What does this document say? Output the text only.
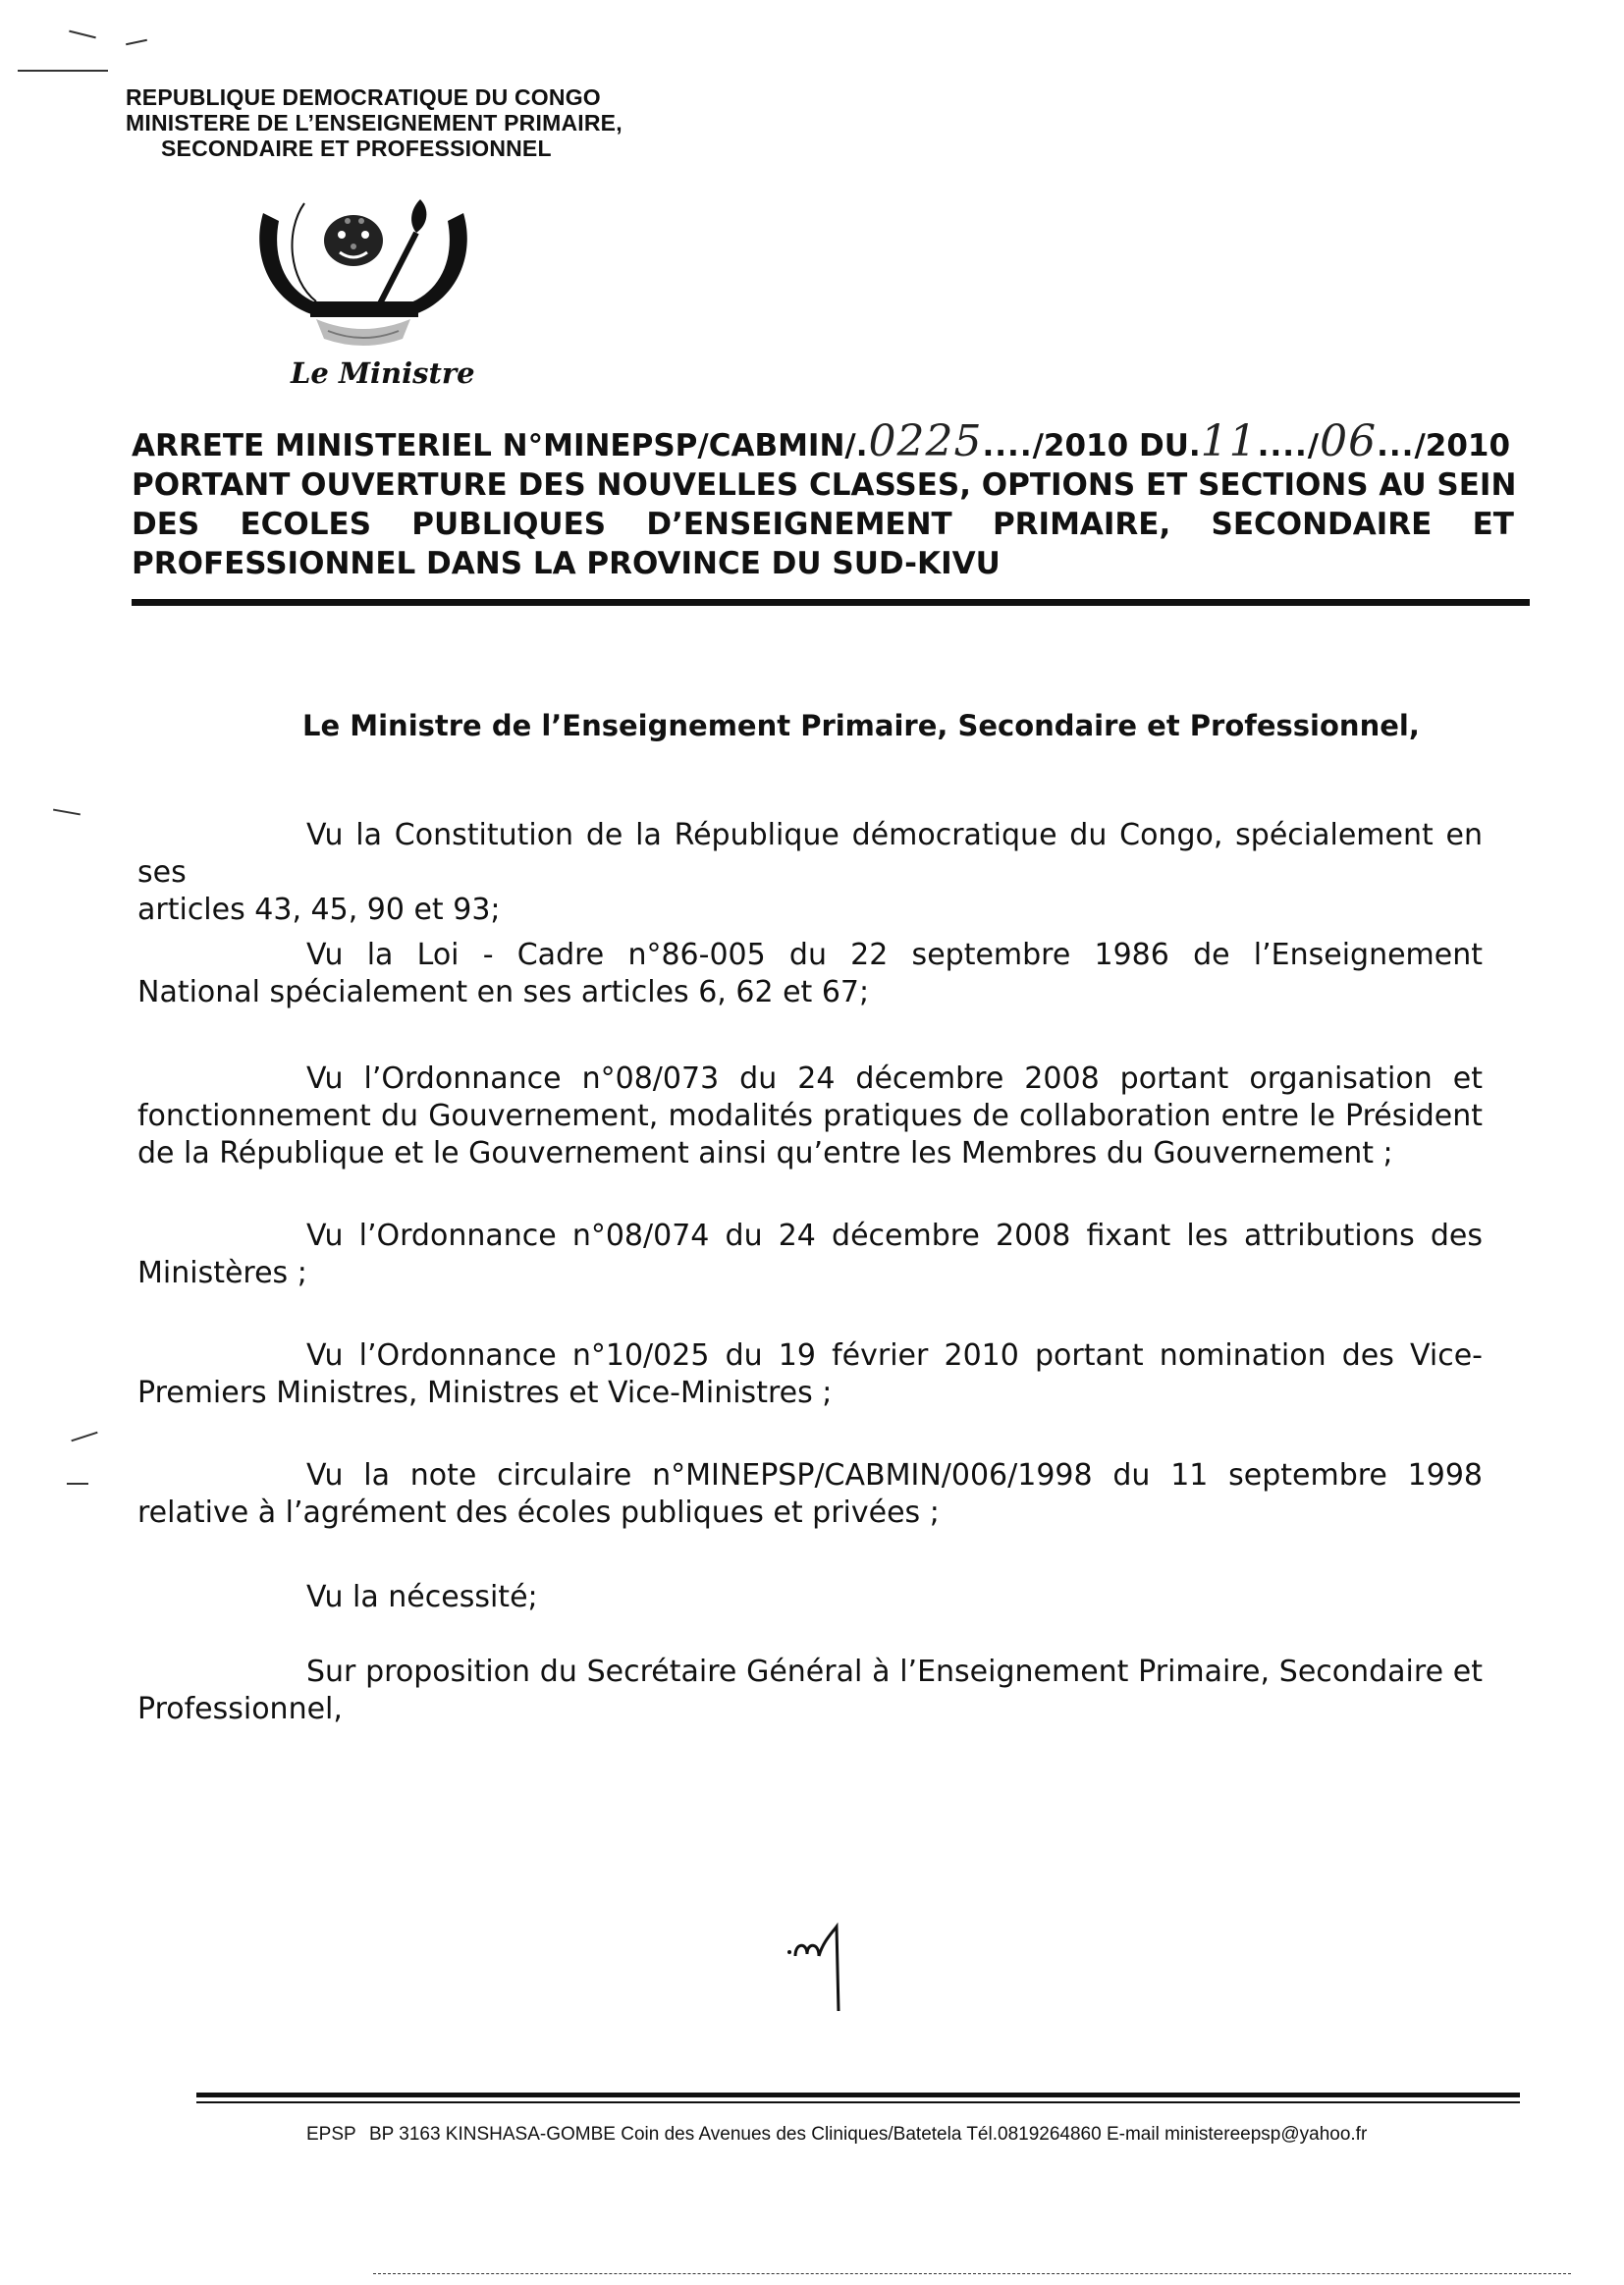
REPUBLIQUE DEMOCRATIQUE DU CONGO
MINISTERE DE L’ENSEIGNEMENT PRIMAIRE,
SECONDAIRE ET PROFESSIONNEL
Le Ministre
ARRETE MINISTERIEL N°MINEPSP/CABMIN/ . 0225 .... /2010 DU. 11 ..../ 06 ... /2010
PORTANT OUVERTURE DES NOUVELLES CLASSES, OPTIONS ET SECTIONS AU SEIN
DES ECOLES PUBLIQUES D’ENSEIGNEMENT PRIMAIRE, SECONDAIRE ET
PROFESSIONNEL DANS LA PROVINCE DU SUD-KIVU
Le Ministre de l’Enseignement Primaire, Secondaire et Professionnel,
Vu la Constitution de la République démocratique du Congo, spécialement en ses
articles 43, 45, 90 et 93;
Vu la Loi - Cadre n°86-005 du 22 septembre 1986 de l’Enseignement
National spécialement en ses articles 6, 62 et 67;
Vu l’Ordonnance n°08/073 du 24 décembre 2008 portant organisation et
fonctionnement du Gouvernement, modalités pratiques de collaboration entre le Président de la République et le Gouvernement ainsi qu’entre les Membres du Gouvernement ;
Vu l’Ordonnance n°08/074 du 24 décembre 2008 fixant les attributions des
Ministères ;
Vu l’Ordonnance n°10/025 du 19 février 2010 portant nomination des Vice-
Premiers Ministres, Ministres et Vice-Ministres ;
Vu la note circulaire n°MINEPSP/CABMIN/006/1998 du 11 septembre 1998
relative à l’agrément des écoles publiques et privées ;
Vu la nécessité;
Sur proposition du Secrétaire Général à l’Enseignement Primaire, Secondaire et
Professionnel,
EPSP BP 3163 KINSHASA-GOMBE Coin des Avenues des Cliniques/Batetela Tél.0819264860 E-mail ministereepsp@yahoo.fr
